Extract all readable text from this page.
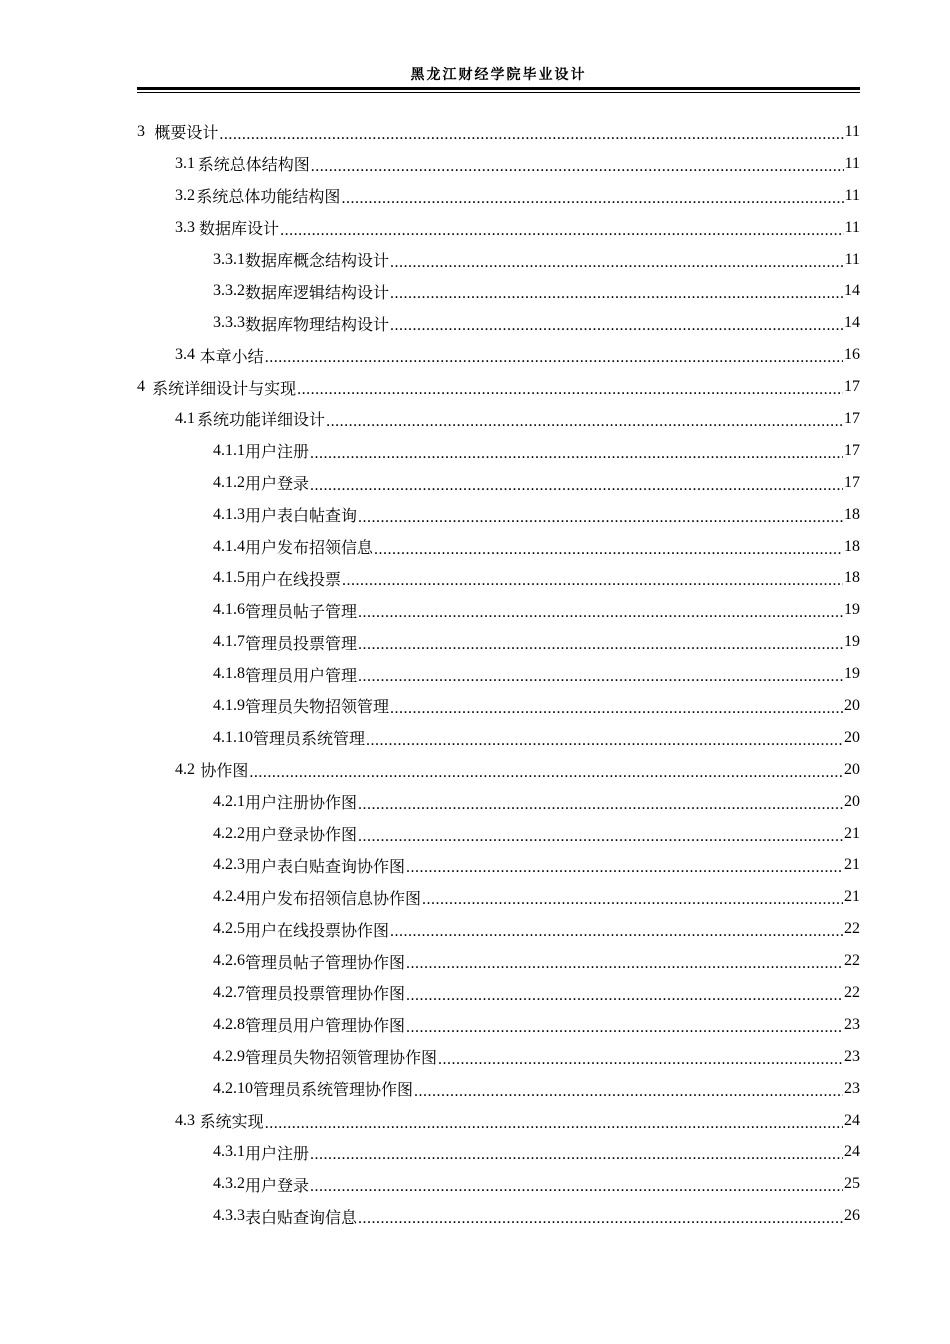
黑龙江财经学院毕业设计
3 概要设计 .....	11
3.1 系统总体结构图 .....	11
3.2 系统总体功能结构图 .....	11
3.3 数据库设计 .....	11
3.3.1 数据库概念结构设计 .....	11
3.3.2 数据库逻辑结构设计 .....	14
3.3.3 数据库物理结构设计 .....	14
3.4 本章小结 .....	16
4 系统详细设计与实现 .....	17
4.1 系统功能详细设计 .....	17
4.1.1 用户注册 .....	17
4.1.2 用户登录 .....	17
4.1.3 用户表白帖查询 .....	18
4.1.4 用户发布招领信息 .....	18
4.1.5 用户在线投票 .....	18
4.1.6 管理员帖子管理 .....	19
4.1.7 管理员投票管理 .....	19
4.1.8 管理员用户管理 .....	19
4.1.9 管理员失物招领管理 .....	20
4.1.10 管理员系统管理 .....	20
4.2 协作图 .....	20
4.2.1 用户注册协作图 .....	20
4.2.2 用户登录协作图 .....	21
4.2.3 用户表白贴查询协作图 .....	21
4.2.4 用户发布招领信息协作图 .....	21
4.2.5 用户在线投票协作图 .....	22
4.2.6 管理员帖子管理协作图 .....	22
4.2.7 管理员投票管理协作图 .....	22
4.2.8 管理员用户管理协作图 .....	23
4.2.9 管理员失物招领管理协作图 .....	23
4.2.10 管理员系统管理协作图 .....	23
4.3 系统实现 .....	24
4.3.1 用户注册 .....	24
4.3.2 用户登录 .....	25
4.3.3 表白贴查询信息 .....	26
